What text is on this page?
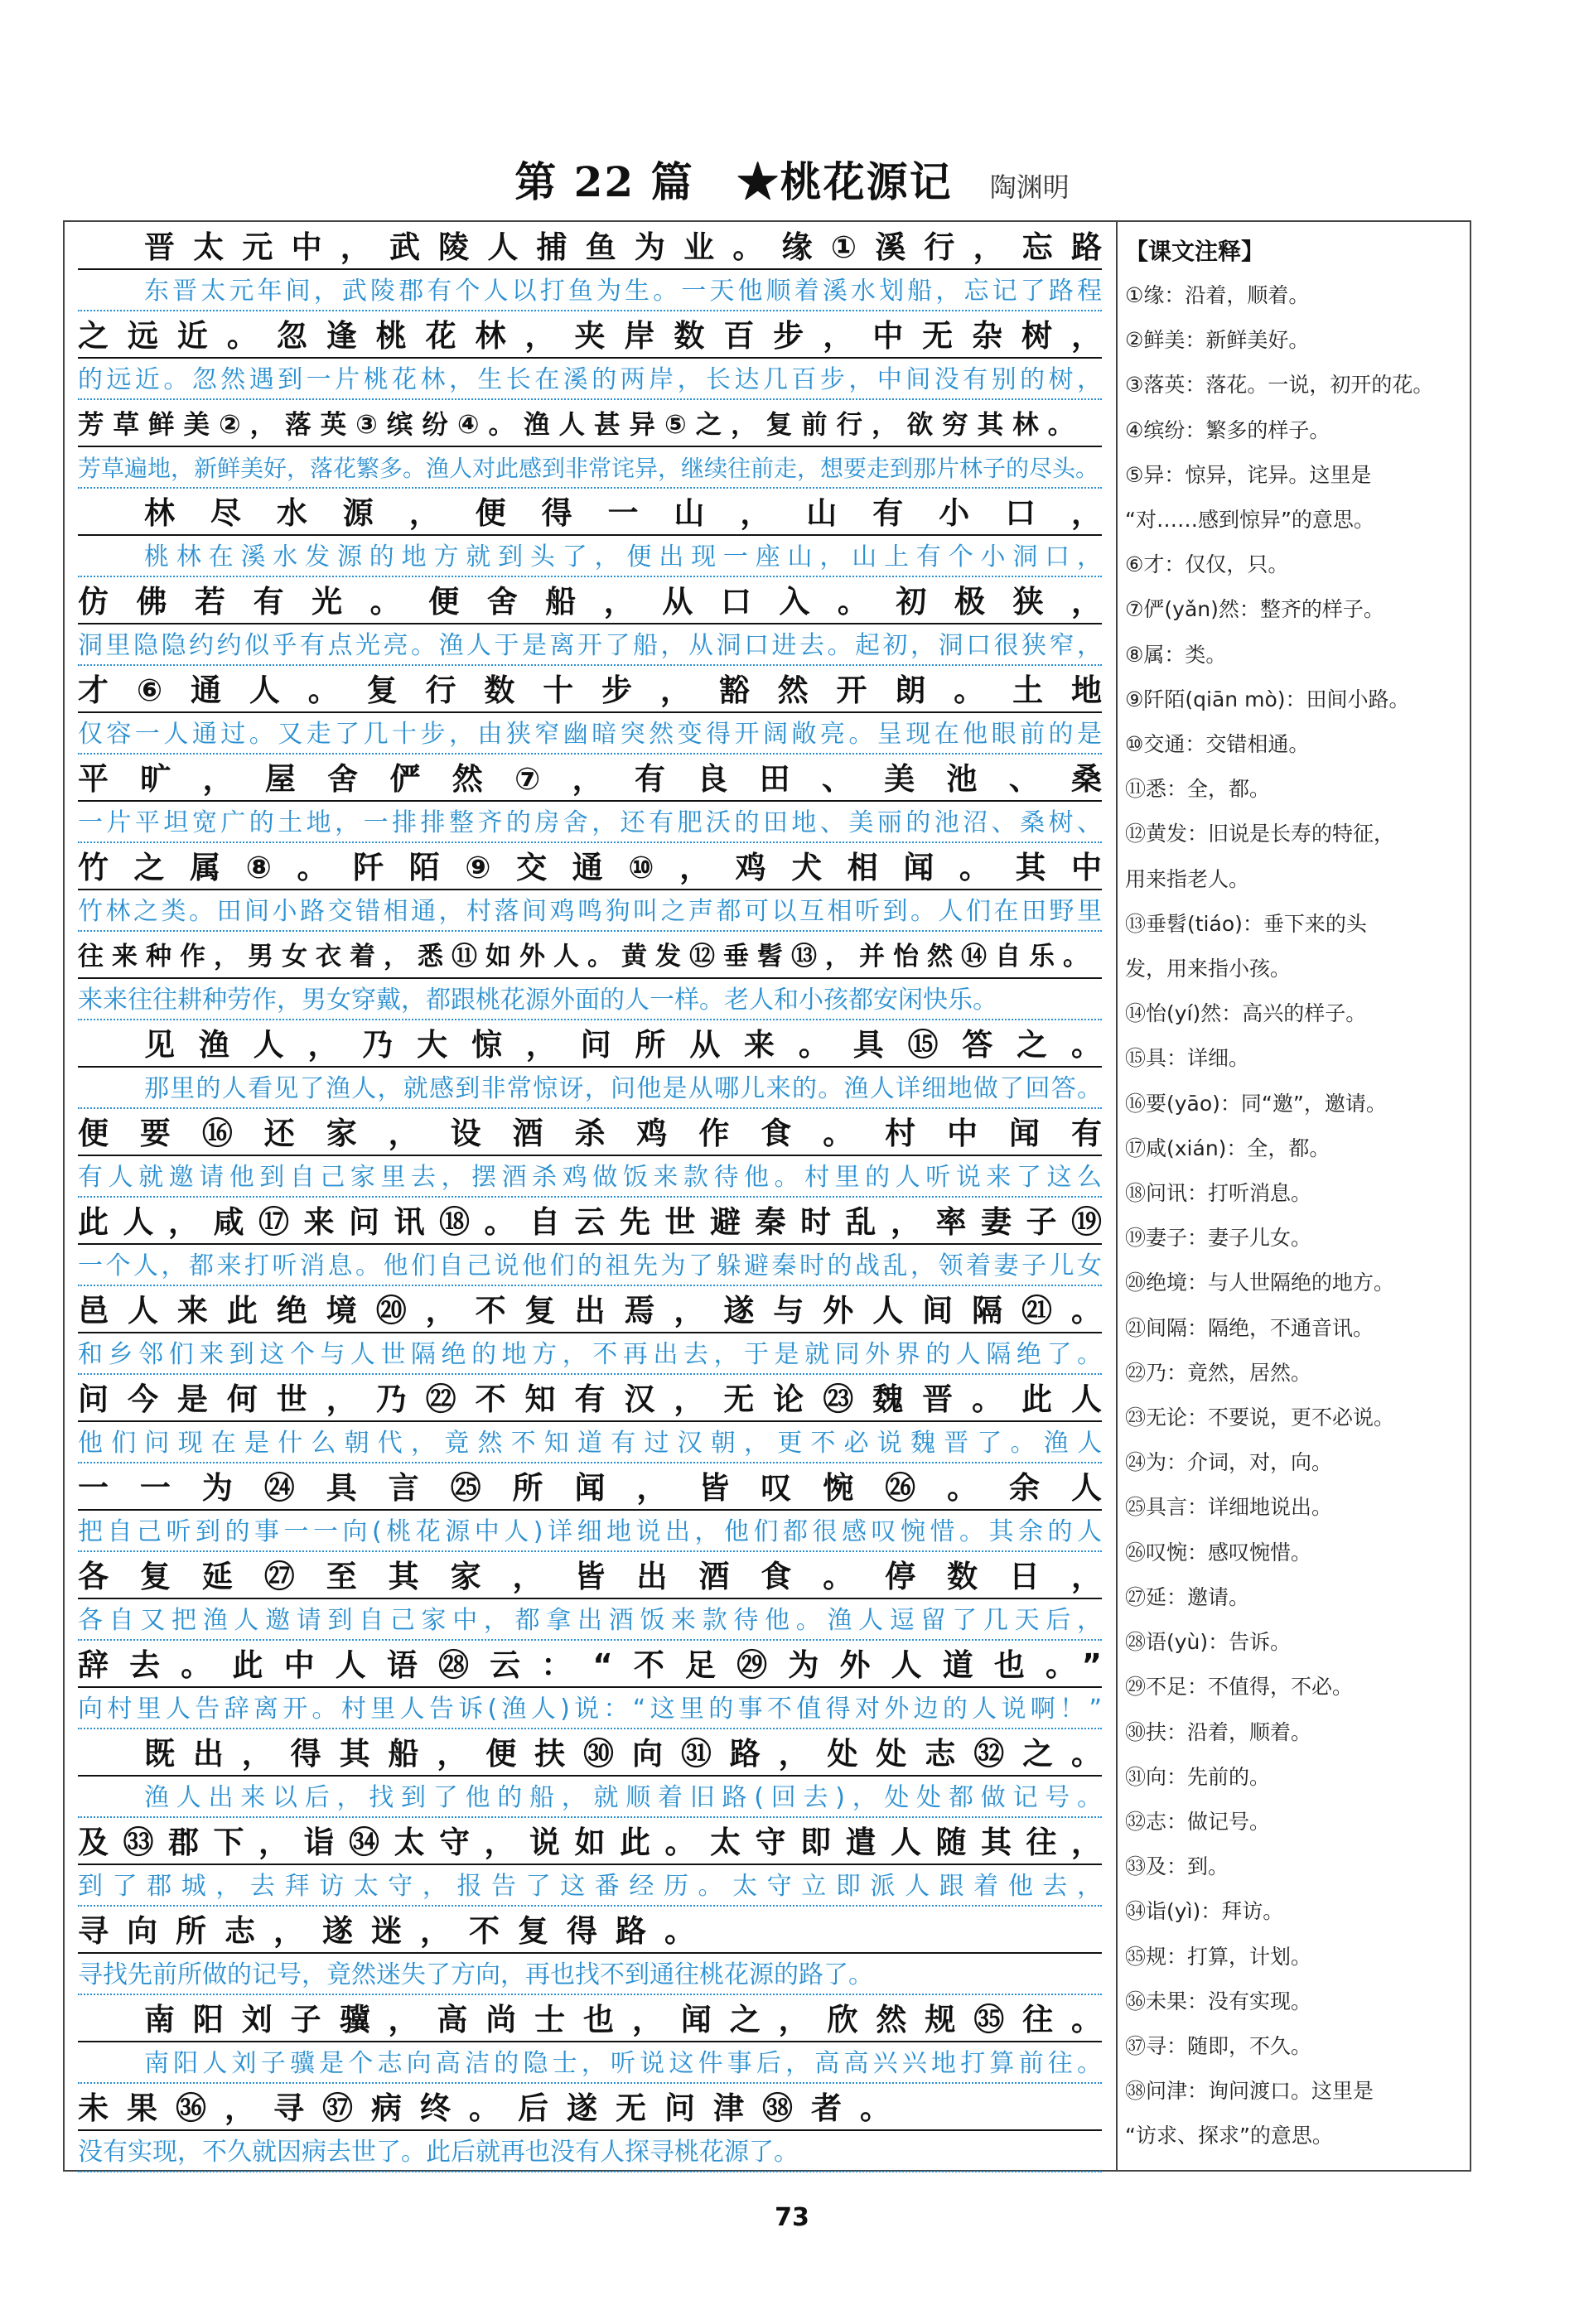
第 22 篇　★桃花源记 陶渊明
晋太元中，武陵人捕鱼为业。缘①溪行，忘路
东晋太元年间，武陵郡有个人以打鱼为生。一天他顺着溪水划船，忘记了路程
之远近。忽逢桃花林，夹岸数百步，中无杂树，
的远近。忽然遇到一片桃花林，生长在溪的两岸，长达几百步，中间没有别的树，
芳草鲜美②，落英③缤纷④。渔人甚异⑤之，复前行，欲穷其林。
芳草遍地，新鲜美好，落花繁多。渔人对此感到非常诧异，继续往前走，想要走到那片林子的尽头。
林尽水源，便得一山，山有小口，
桃林在溪水发源的地方就到头了，便出现一座山，山上有个小洞口，
仿佛若有光。便舍船，从口入。初极狭，
洞里隐隐约约似乎有点光亮。渔人于是离开了船，从洞口进去。起初，洞口很狭窄，
才⑥通人。复行数十步，豁然开朗。土地
仅容一人通过。又走了几十步，由狭窄幽暗突然变得开阔敞亮。呈现在他眼前的是
平旷，屋舍俨然⑦，有良田、美池、桑
一片平坦宽广的土地，一排排整齐的房舍，还有肥沃的田地、美丽的池沼、桑树、
竹之属⑧。阡陌⑨交通⑩，鸡犬相闻。其中
竹林之类。田间小路交错相通，村落间鸡鸣狗叫之声都可以互相听到。人们在田野里
往来种作，男女衣着，悉⑪如外人。黄发⑫垂髫⑬，并怡然⑭自乐。
来来往往耕种劳作，男女穿戴，都跟桃花源外面的人一样。老人和小孩都安闲快乐。
见渔人，乃大惊，问所从来。具⑮答之。
那里的人看见了渔人，就感到非常惊讶，问他是从哪儿来的。渔人详细地做了回答。
便要⑯还家，设酒杀鸡作食。村中闻有
有人就邀请他到自己家里去，摆酒杀鸡做饭来款待他。村里的人听说来了这么
此人，咸⑰来问讯⑱。自云先世避秦时乱，率妻子⑲
一个人，都来打听消息。他们自己说他们的祖先为了躲避秦时的战乱，领着妻子儿女
邑人来此绝境⑳，不复出焉，遂与外人间隔㉑。
和乡邻们来到这个与人世隔绝的地方，不再出去，于是就同外界的人隔绝了。
问今是何世，乃㉒不知有汉，无论㉓魏晋。此人
他们问现在是什么朝代，竟然不知道有过汉朝，更不必说魏晋了。渔人
一一为㉔具言㉕所闻，皆叹惋㉖。余人
把自己听到的事一一向(桃花源中人)详细地说出，他们都很感叹惋惜。其余的人
各复延㉗至其家，皆出酒食。停数日，
各自又把渔人邀请到自己家中，都拿出酒饭来款待他。渔人逗留了几天后，
辞去。此中人语㉘云：“不足㉙为外人道也。”
向村里人告辞离开。村里人告诉(渔人)说：“这里的事不值得对外边的人说啊！”
既出，得其船，便扶㉚向㉛路，处处志㉜之。
渔人出来以后，找到了他的船，就顺着旧路(回去)，处处都做记号。
及㉝郡下，诣㉞太守，说如此。太守即遣人随其往，
到了郡城，去拜访太守，报告了这番经历。太守立即派人跟着他去，
寻向所志，遂迷，不复得路。
寻找先前所做的记号，竟然迷失了方向，再也找不到通往桃花源的路了。
南阳刘子骥，高尚士也，闻之，欣然规㉟往。
南阳人刘子骥是个志向高洁的隐士，听说这件事后，高高兴兴地打算前往。
未果㊱，寻㊲病终。后遂无问津㊳者。
没有实现，不久就因病去世了。此后就再也没有人探寻桃花源了。
【课文注释】
①缘：沿着，顺着。
②鲜美：新鲜美好。
③落英：落花。一说，初开的花。
④缤纷：繁多的样子。
⑤异：惊异，诧异。这里是
“对……感到惊异”的意思。
⑥才：仅仅，只。
⑦俨(yǎn)然：整齐的样子。
⑧属：类。
⑨阡陌(qiān mò)：田间小路。
⑩交通：交错相通。
⑪悉：全，都。
⑫黄发：旧说是长寿的特征，
用来指老人。
⑬垂髫(tiáo)：垂下来的头
发，用来指小孩。
⑭怡(yí)然：高兴的样子。
⑮具：详细。
⑯要(yāo)：同“邀”，邀请。
⑰咸(xián)：全，都。
⑱问讯：打听消息。
⑲妻子：妻子儿女。
⑳绝境：与人世隔绝的地方。
㉑间隔：隔绝，不通音讯。
㉒乃：竟然，居然。
㉓无论：不要说，更不必说。
㉔为：介词，对，向。
㉕具言：详细地说出。
㉖叹惋：感叹惋惜。
㉗延：邀请。
㉘语(yù)：告诉。
㉙不足：不值得，不必。
㉚扶：沿着，顺着。
㉛向：先前的。
㉜志：做记号。
㉝及：到。
㉞诣(yì)：拜访。
㉟规：打算，计划。
㊱未果：没有实现。
㊲寻：随即，不久。
㊳问津：询问渡口。这里是
“访求、探求”的意思。
73
